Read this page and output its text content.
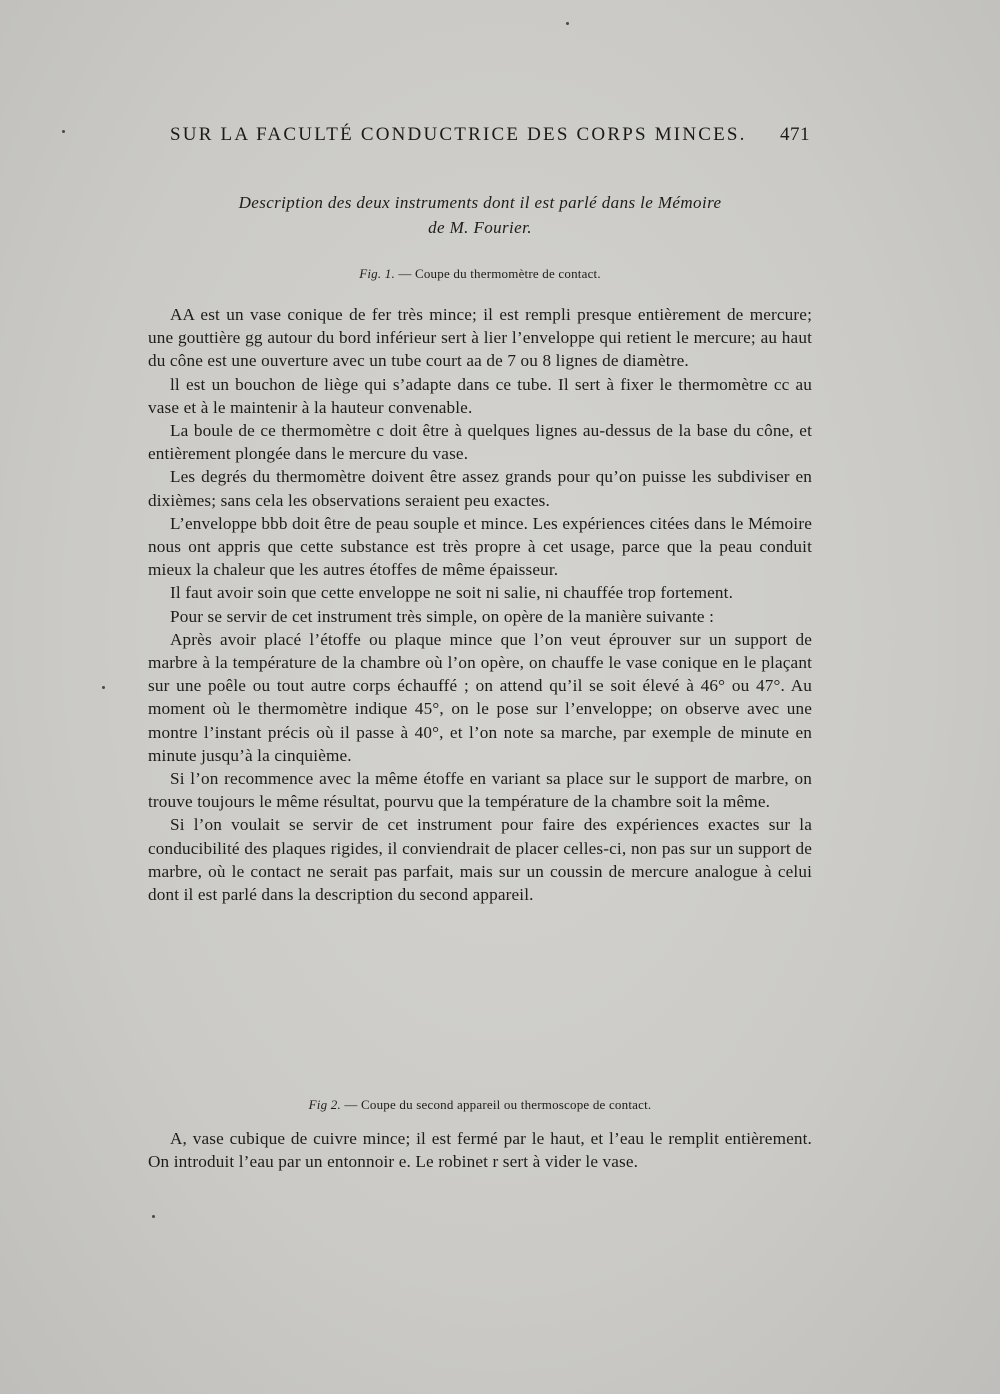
SUR LA FACULTÉ CONDUCTRICE DES CORPS MINCES. 471
Description des deux instruments dont il est parlé dans le Mémoire
de M. Fourier.
Fig. 1. — Coupe du thermomètre de contact.

AA est un vase conique de fer très mince; il est rempli presque entièrement de mercure; une gouttière gg autour du bord inférieur sert à lier l’enveloppe qui retient le mercure; au haut du cône est une ouverture avec un tube court aa de 7 ou 8 lignes de diamètre.

ll est un bouchon de liège qui s’adapte dans ce tube. Il sert à fixer le thermomètre cc au vase et à le maintenir à la hauteur convenable.

La boule de ce thermomètre c doit être à quelques lignes au-dessus de la base du cône, et entièrement plongée dans le mercure du vase.

Les degrés du thermomètre doivent être assez grands pour qu’on puisse les subdiviser en dixièmes; sans cela les observations seraient peu exactes.

L’enveloppe bbb doit être de peau souple et mince. Les expériences citées dans le Mémoire nous ont appris que cette substance est très propre à cet usage, parce que la peau conduit mieux la chaleur que les autres étoffes de même épaisseur.

Il faut avoir soin que cette enveloppe ne soit ni salie, ni chauffée trop fortement.

Pour se servir de cet instrument très simple, on opère de la manière suivante :

Après avoir placé l’étoffe ou plaque mince que l’on veut éprouver sur un support de marbre à la température de la chambre où l’on opère, on chauffe le vase conique en le plaçant sur une poêle ou tout autre corps échauffé ; on attend qu’il se soit élevé à 46° ou 47°. Au moment où le thermomètre indique 45°, on le pose sur l’enveloppe; on observe avec une montre l’instant précis où il passe à 40°, et l’on note sa marche, par exemple de minute en minute jusqu’à la cinquième.

Si l’on recommence avec la même étoffe en variant sa place sur le support de marbre, on trouve toujours le même résultat, pourvu que la température de la chambre soit la même.

Si l’on voulait se servir de cet instrument pour faire des expériences exactes sur la conducibilité des plaques rigides, il conviendrait de placer celles-ci, non pas sur un support de marbre, où le contact ne serait pas parfait, mais sur un coussin de mercure analogue à celui dont il est parlé dans la description du second appareil.

Fig 2. — Coupe du second appareil ou thermoscope de contact.

A, vase cubique de cuivre mince; il est fermé par le haut, et l’eau le remplit entièrement. On introduit l’eau par un entonnoir e. Le robinet r sert à vider le vase.
